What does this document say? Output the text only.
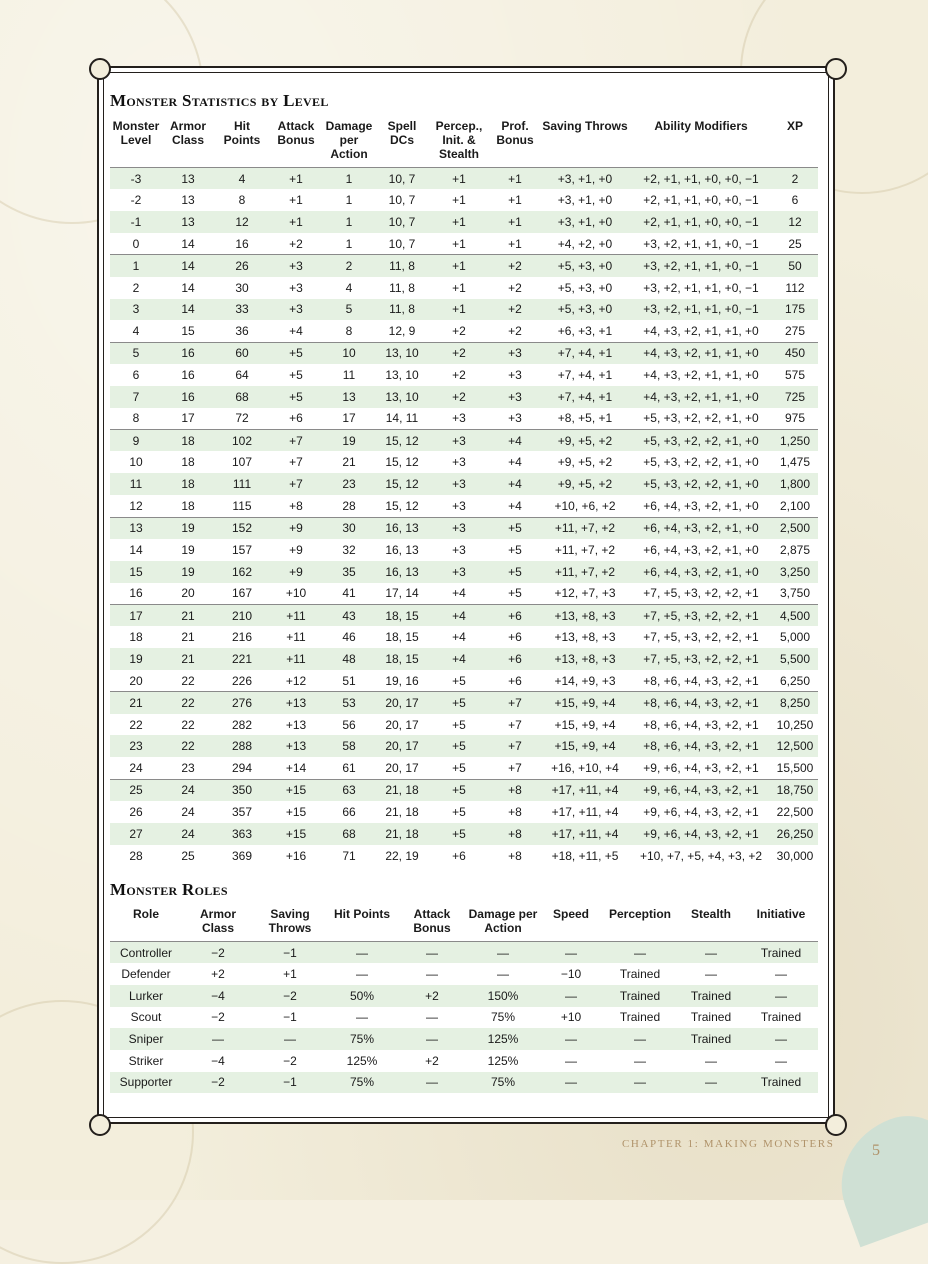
Monster Statistics by Level
Monster Level	Armor Class	Hit Points	Attack Bonus	Damage per Action	Spell DCs	Percep., Init. & Stealth	Prof. Bonus	Saving Throws	Ability Modifiers	XP
-3	13	4	+1	1	10, 7	+1	+1	+3, +1, +0	+2, +1, +1, +0, +0, −1	2
-2	13	8	+1	1	10, 7	+1	+1	+3, +1, +0	+2, +1, +1, +0, +0, −1	6
-1	13	12	+1	1	10, 7	+1	+1	+3, +1, +0	+2, +1, +1, +0, +0, −1	12
0	14	16	+2	1	10, 7	+1	+1	+4, +2, +0	+3, +2, +1, +1, +0, −1	25
1	14	26	+3	2	11, 8	+1	+2	+5, +3, +0	+3, +2, +1, +1, +0, −1	50
2	14	30	+3	4	11, 8	+1	+2	+5, +3, +0	+3, +2, +1, +1, +0, −1	112
3	14	33	+3	5	11, 8	+1	+2	+5, +3, +0	+3, +2, +1, +1, +0, −1	175
4	15	36	+4	8	12, 9	+2	+2	+6, +3, +1	+4, +3, +2, +1, +1, +0	275
5	16	60	+5	10	13, 10	+2	+3	+7, +4, +1	+4, +3, +2, +1, +1, +0	450
6	16	64	+5	11	13, 10	+2	+3	+7, +4, +1	+4, +3, +2, +1, +1, +0	575
7	16	68	+5	13	13, 10	+2	+3	+7, +4, +1	+4, +3, +2, +1, +1, +0	725
8	17	72	+6	17	14, 11	+3	+3	+8, +5, +1	+5, +3, +2, +2, +1, +0	975
9	18	102	+7	19	15, 12	+3	+4	+9, +5, +2	+5, +3, +2, +2, +1, +0	1,250
10	18	107	+7	21	15, 12	+3	+4	+9, +5, +2	+5, +3, +2, +2, +1, +0	1,475
11	18	111	+7	23	15, 12	+3	+4	+9, +5, +2	+5, +3, +2, +2, +1, +0	1,800
12	18	115	+8	28	15, 12	+3	+4	+10, +6, +2	+6, +4, +3, +2, +1, +0	2,100
13	19	152	+9	30	16, 13	+3	+5	+11, +7, +2	+6, +4, +3, +2, +1, +0	2,500
14	19	157	+9	32	16, 13	+3	+5	+11, +7, +2	+6, +4, +3, +2, +1, +0	2,875
15	19	162	+9	35	16, 13	+3	+5	+11, +7, +2	+6, +4, +3, +2, +1, +0	3,250
16	20	167	+10	41	17, 14	+4	+5	+12, +7, +3	+7, +5, +3, +2, +2, +1	3,750
17	21	210	+11	43	18, 15	+4	+6	+13, +8, +3	+7, +5, +3, +2, +2, +1	4,500
18	21	216	+11	46	18, 15	+4	+6	+13, +8, +3	+7, +5, +3, +2, +2, +1	5,000
19	21	221	+11	48	18, 15	+4	+6	+13, +8, +3	+7, +5, +3, +2, +2, +1	5,500
20	22	226	+12	51	19, 16	+5	+6	+14, +9, +3	+8, +6, +4, +3, +2, +1	6,250
21	22	276	+13	53	20, 17	+5	+7	+15, +9, +4	+8, +6, +4, +3, +2, +1	8,250
22	22	282	+13	56	20, 17	+5	+7	+15, +9, +4	+8, +6, +4, +3, +2, +1	10,250
23	22	288	+13	58	20, 17	+5	+7	+15, +9, +4	+8, +6, +4, +3, +2, +1	12,500
24	23	294	+14	61	20, 17	+5	+7	+16, +10, +4	+9, +6, +4, +3, +2, +1	15,500
25	24	350	+15	63	21, 18	+5	+8	+17, +11, +4	+9, +6, +4, +3, +2, +1	18,750
26	24	357	+15	66	21, 18	+5	+8	+17, +11, +4	+9, +6, +4, +3, +2, +1	22,500
27	24	363	+15	68	21, 18	+5	+8	+17, +11, +4	+9, +6, +4, +3, +2, +1	26,250
28	25	369	+16	71	22, 19	+6	+8	+18, +11, +5	+10, +7, +5, +4, +3, +2	30,000
Monster Roles
Role	Armor Class	Saving Throws	Hit Points	Attack Bonus	Damage per Action	Speed	Perception	Stealth	Initiative
Controller	−2	−1	—	—	—	—	—	—	Trained
Defender	+2	+1	—	—	—	−10	Trained	—	—
Lurker	−4	−2	50%	+2	150%	—	Trained	Trained	—
Scout	−2	−1	—	—	75%	+10	Trained	Trained	Trained
Sniper	—	—	75%	—	125%	—	—	Trained	—
Striker	−4	−2	125%	+2	125%	—	—	—	—
Supporter	−2	−1	75%	—	75%	—	—	—	Trained
CHAPTER 1: MAKING MONSTERS 5
